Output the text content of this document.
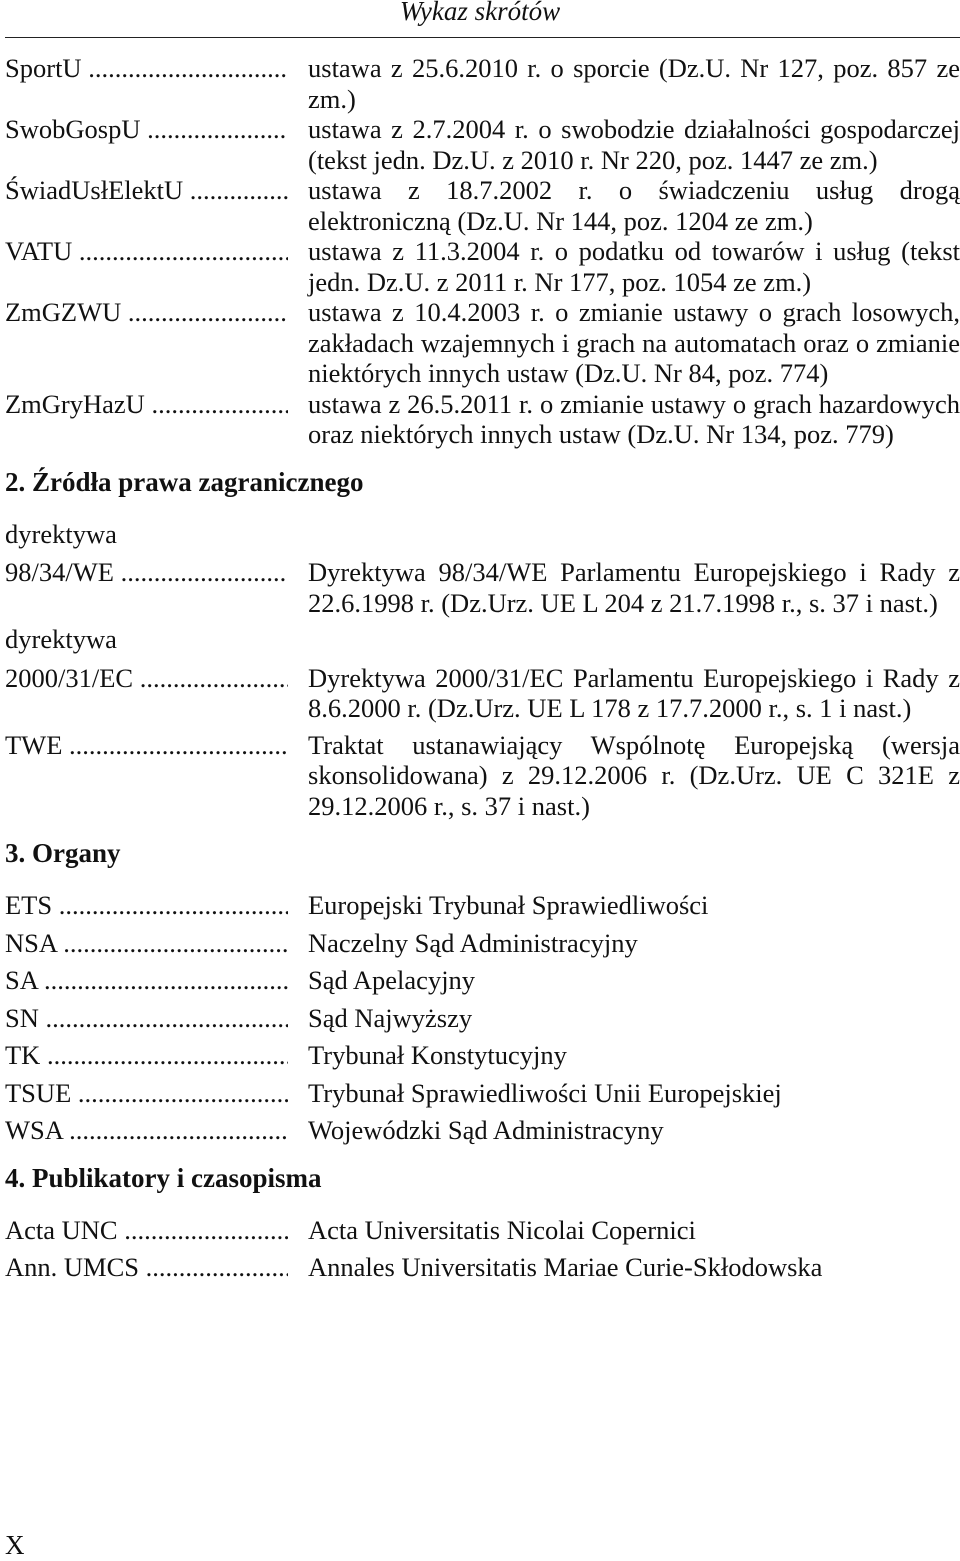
Wykaz skrótów
SportU .....	ustawa z 25.6.2010 r. o sporcie (Dz.U. Nr 127, poz. 857 ze zm.)
SwobGospU .....	ustawa z 2.7.2004 r. o swobodzie działalności gospodarczej (tekst jedn. Dz.U. z 2010 r. Nr 220, poz. 1447 ze zm.)
ŚwiadUsłElektU .....	ustawa z 18.7.2002 r. o świadczeniu usług drogą elektroniczną (Dz.U. Nr 144, poz. 1204 ze zm.)
VATU .....	ustawa z 11.3.2004 r. o podatku od towarów i usług (tekst jedn. Dz.U. z 2011 r. Nr 177, poz. 1054 ze zm.)
ZmGZWU .....	ustawa z 10.4.2003 r. o zmianie ustawy o grach losowych, zakładach wzajemnych i grach na automatach oraz o zmianie niektórych innych ustaw (Dz.U. Nr 84, poz. 774)
ZmGryHazU .....	ustawa z 26.5.2011 r. o zmianie ustawy o grach hazardowych oraz niektórych innych ustaw (Dz.U. Nr 134, poz. 779)
2. Źródła prawa zagranicznego
dyrektywa
98/34/WE .....	Dyrektywa 98/34/WE Parlamentu Europejskiego i Rady z 22.6.1998 r. (Dz.Urz. UE L 204 z 21.7.1998 r., s. 37 i nast.)
dyrektywa
2000/31/EC .....	Dyrektywa 2000/31/EC Parlamentu Europejskiego i Rady z 8.6.2000 r. (Dz.Urz. UE L 178 z 17.7.2000 r., s. 1 i nast.)
TWE .....	Traktat ustanawiający Wspólnotę Europejską (wersja skonsolidowana) z 29.12.2006 r. (Dz.Urz. UE C 321E z 29.12.2006 r., s. 37 i nast.)
3. Organy
ETS .....	Europejski Trybunał Sprawiedliwości
NSA .....	Naczelny Sąd Administracyjny
SA .....	Sąd Apelacyjny
SN .....	Sąd Najwyższy
TK .....	Trybunał Konstytucyjny
TSUE .....	Trybunał Sprawiedliwości Unii Europejskiej
WSA .....	Wojewódzki Sąd Administracyny
4. Publikatory i czasopisma
Acta UNC .....	Acta Universitatis Nicolai Copernici
Ann. UMCS .....	Annales Universitatis Mariae Curie-Skłodowska
X
